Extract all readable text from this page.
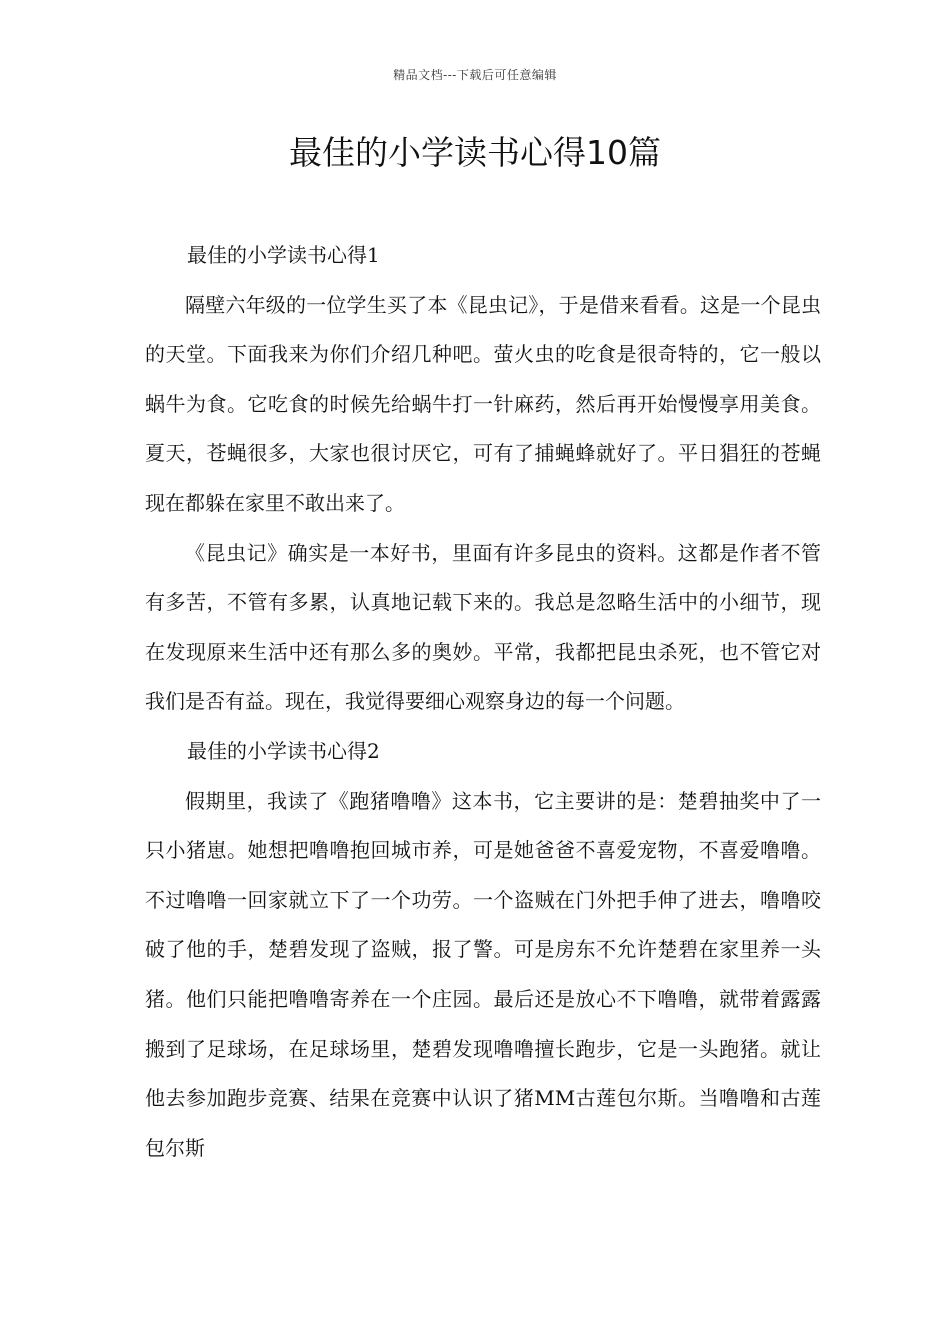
精品文档---下载后可任意编辑
最佳的小学读书心得10篇

最佳的小学读书心得1

隔壁六年级的一位学生买了本《昆虫记》，于是借来看看。这是一个昆虫的天堂。下面我来为你们介绍几种吧。萤火虫的吃食是很奇特的，它一般以蜗牛为食。它吃食的时候先给蜗牛打一针麻药，然后再开始慢慢享用美食。夏天，苍蝇很多，大家也很讨厌它，可有了捕蝇蜂就好了。平日猖狂的苍蝇现在都躲在家里不敢出来了。

《昆虫记》确实是一本好书，里面有许多昆虫的资料。这都是作者不管有多苦，不管有多累，认真地记载下来的。我总是忽略生活中的小细节，现在发现原来生活中还有那么多的奥妙。平常，我都把昆虫杀死，也不管它对我们是否有益。现在，我觉得要细心观察身边的每一个问题。

最佳的小学读书心得2

假期里，我读了《跑猪噜噜》这本书，它主要讲的是：楚碧抽奖中了一只小猪崽。她想把噜噜抱回城市养，可是她爸爸不喜爱宠物，不喜爱噜噜。不过噜噜一回家就立下了一个功劳。一个盗贼在门外把手伸了进去，噜噜咬破了他的手，楚碧发现了盗贼，报了警。可是房东不允许楚碧在家里养一头猪。他们只能把噜噜寄养在一个庄园。最后还是放心不下噜噜，就带着露露搬到了足球场，在足球场里，楚碧发现噜噜擅长跑步，它是一头跑猪。就让他去参加跑步竞赛、结果在竞赛中认识了猪MM古莲包尔斯。当噜噜和古莲包尔斯
